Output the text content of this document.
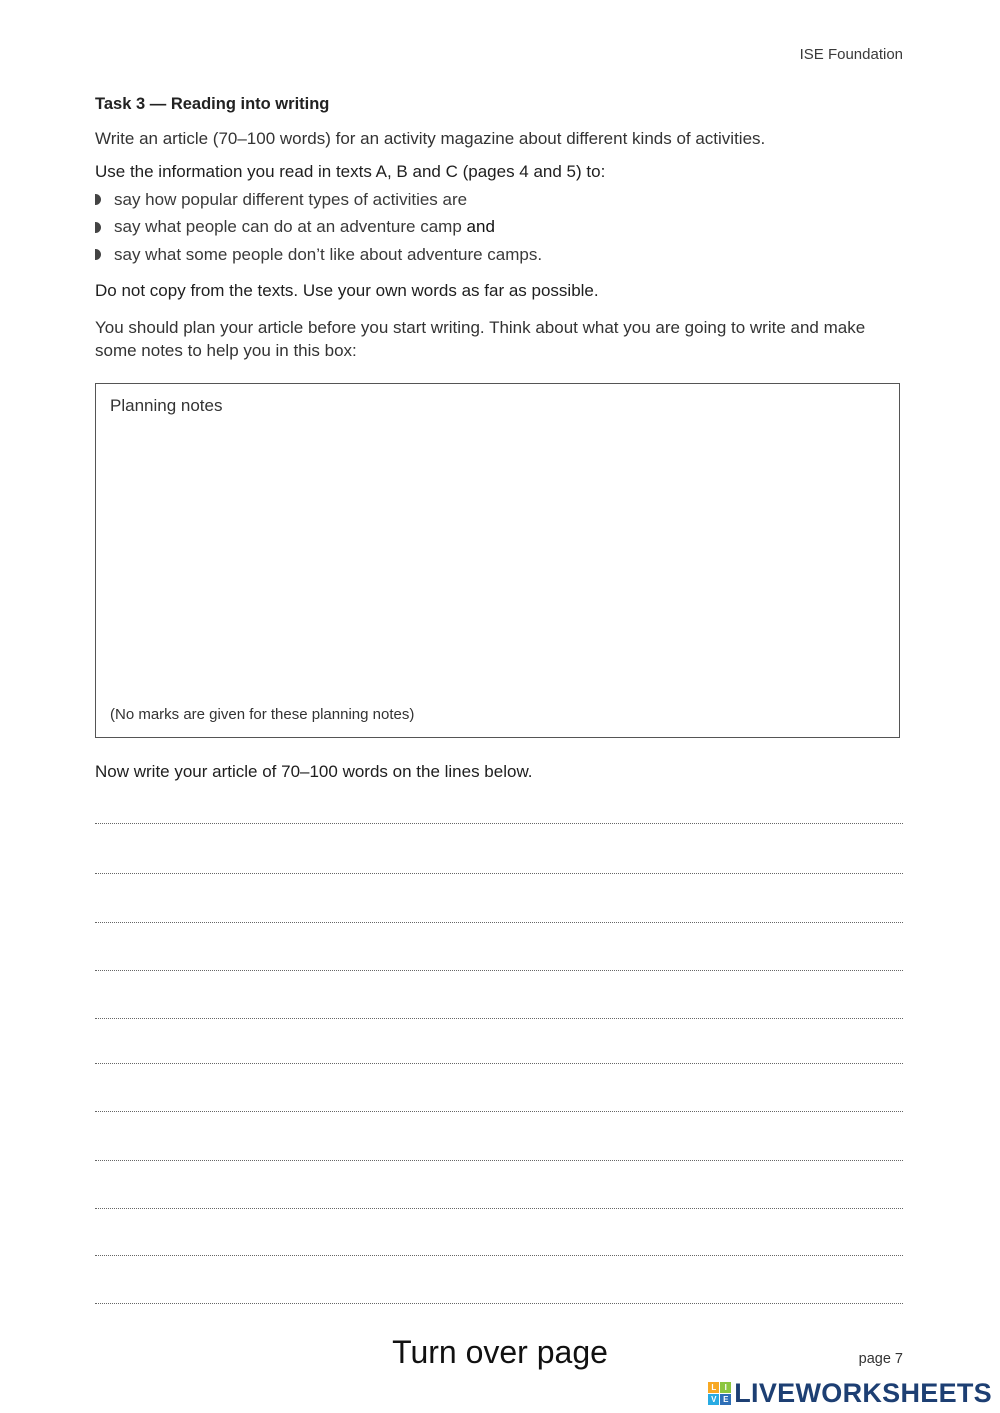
ISE Foundation
Task 3 — Reading into writing
Write an article (70–100 words) for an activity magazine about different kinds of activities.
Use the information you read in texts A, B and C (pages 4 and 5) to:
say how popular different types of activities are
say what people can do at an adventure camp
and
say what some people don’t like about adventure camps.
Do not copy from the texts. Use your own words as far as possible.
You should plan your article before you start writing. Think about what you are going to write and make some notes to help you in this box:
Planning notes
(No marks are given for these planning notes)
Now write your article of 70–100 words on the lines below.
Turn over page	page 7
L	I
V E LIVEWORKSHEETS
